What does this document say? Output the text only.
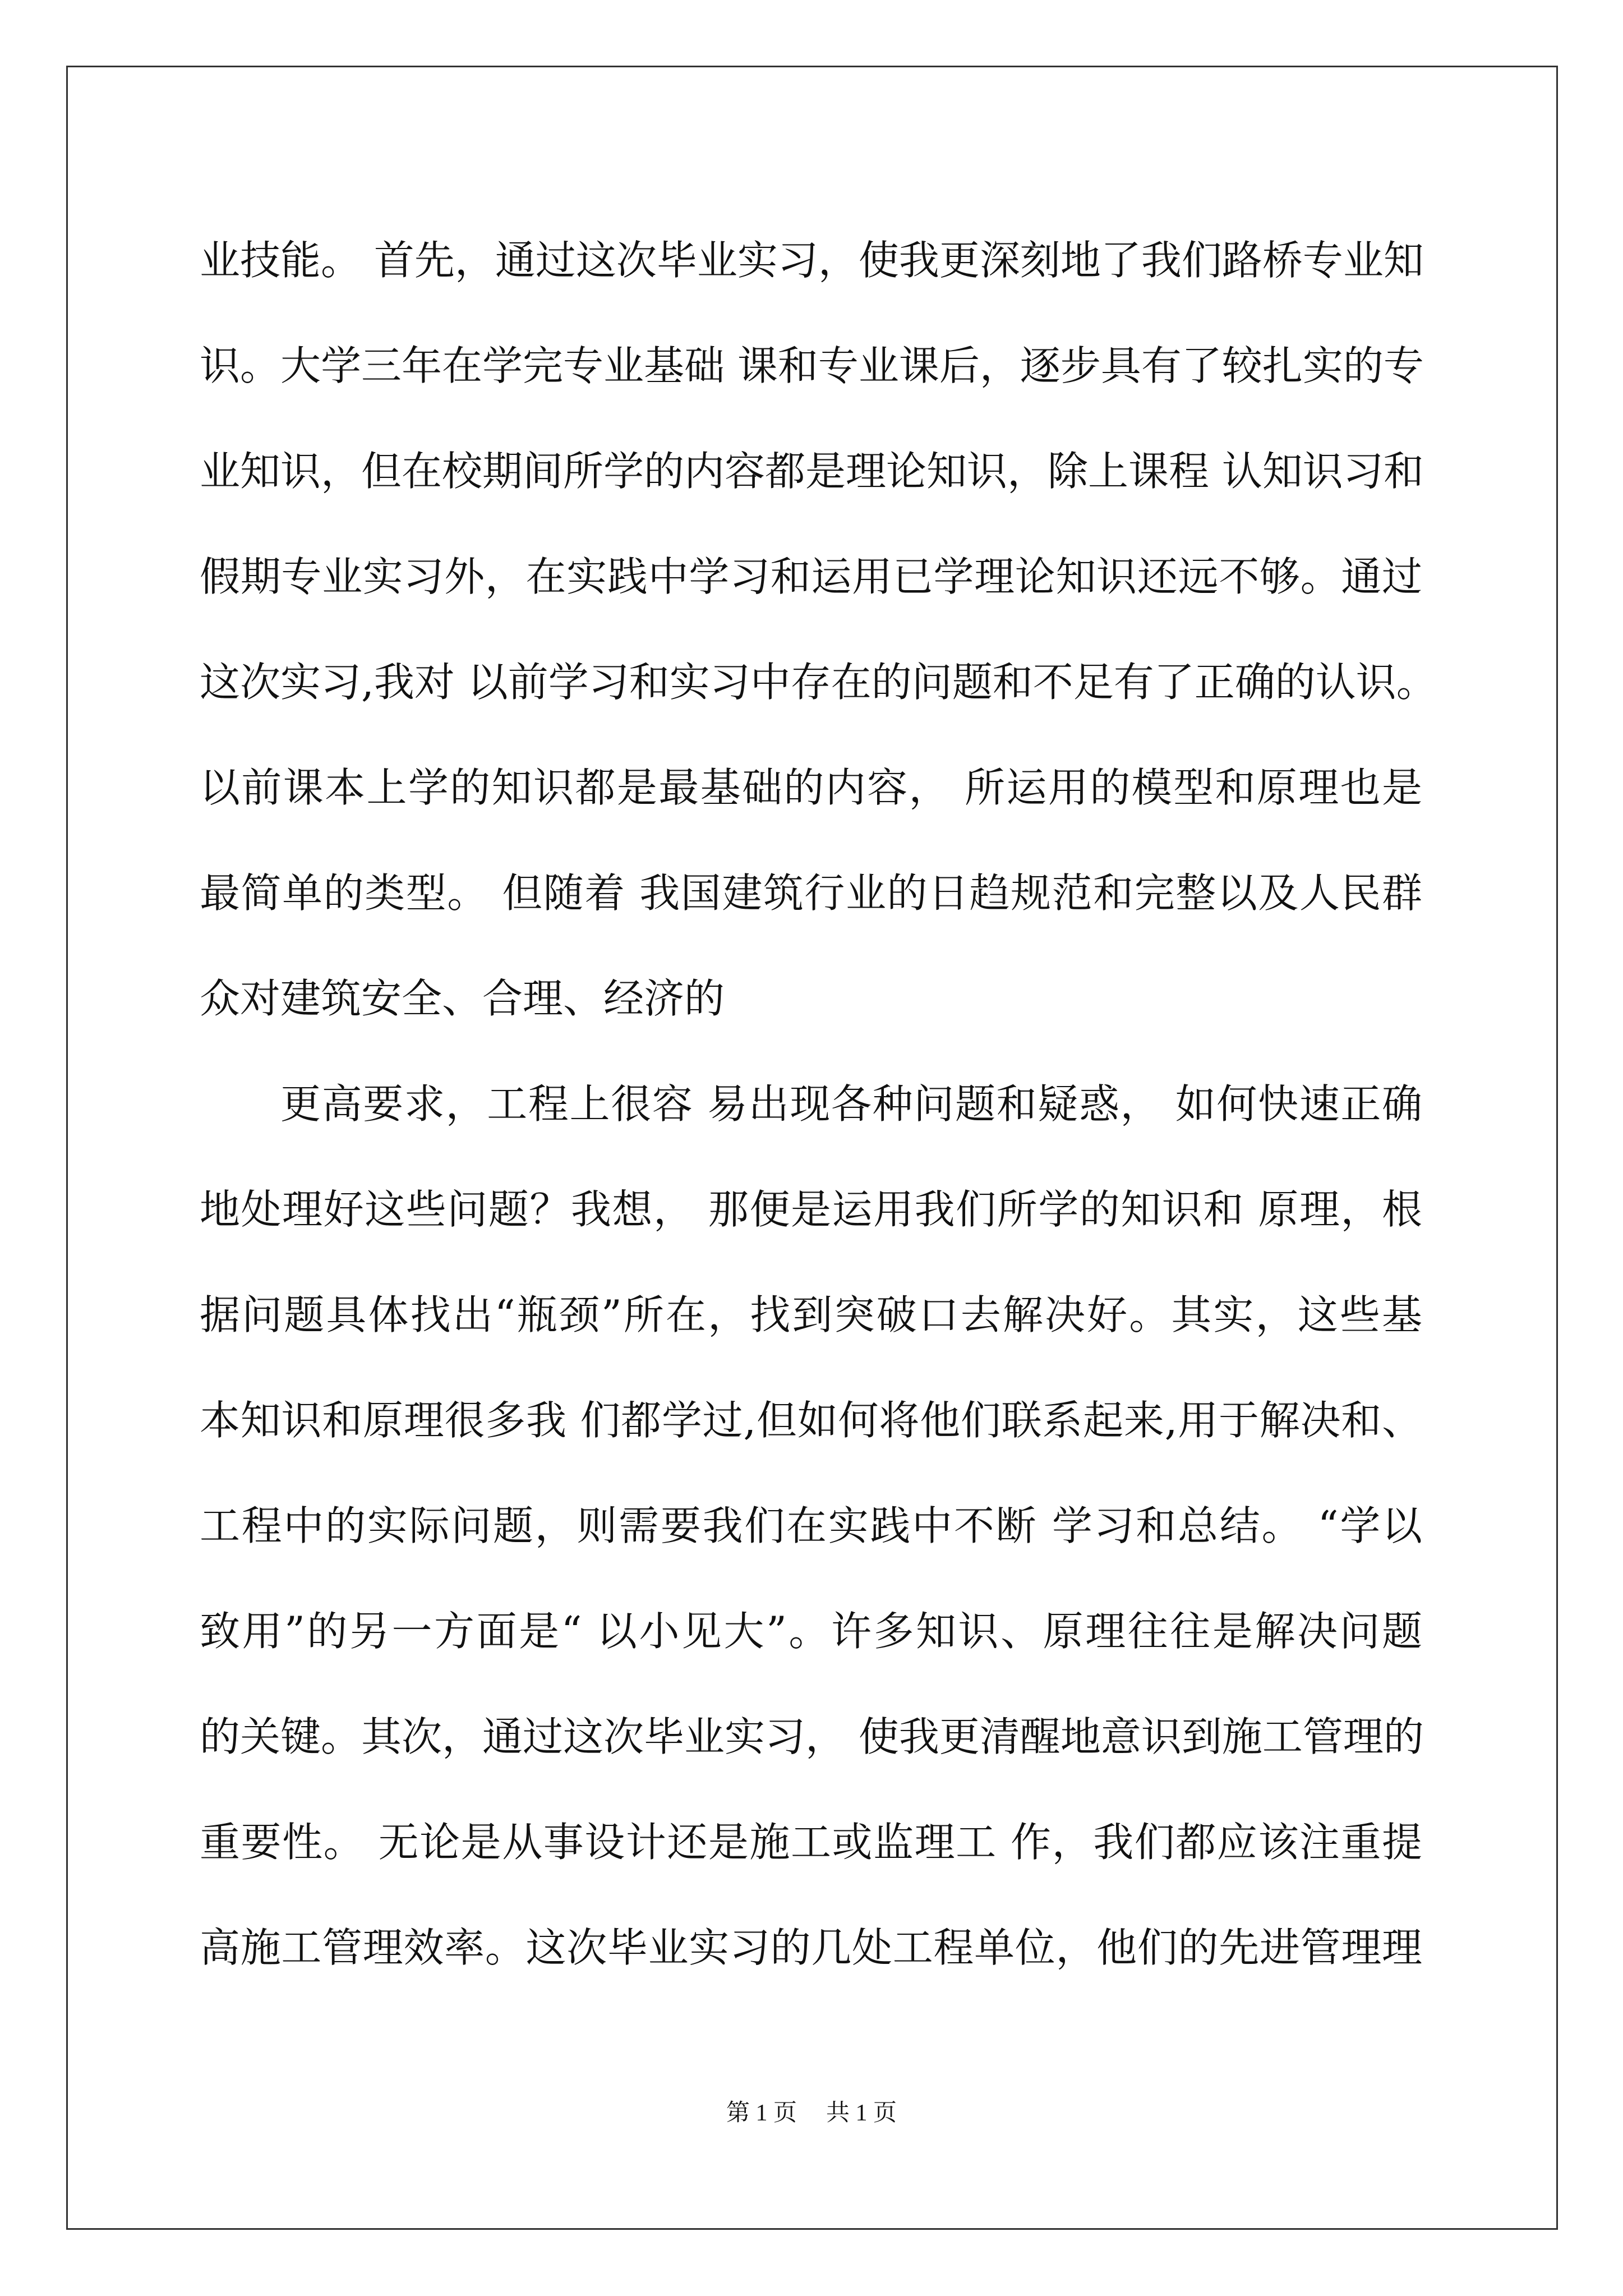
业技能。 首先，通过这次毕业实习，使我更深刻地了我们路桥专业知
识。大学三年在学完专业基础 课和专业课后，逐步具有了较扎实的专
业知识，但在校期间所学的内容都是理论知识，除上课程 认知识习和
假期专业实习外，在实践中学习和运用已学理论知识还远不够。通过
这次实习,我对 以前学习和实习中存在的问题和不足有了正确的认识。
以前课本上学的知识都是最基础的内容， 所运用的模型和原理也是
最简单的类型。 但随着 我国建筑行业的日趋规范和完整以及人民群
众对建筑安全、合理、经济的
更高要求，工程上很容 易出现各种问题和疑惑， 如何快速正确
地处理好这些问题？我想， 那便是运用我们所学的知识和 原理，根
据问题具体找出“瓶颈”所在，找到突破口去解决好。其实，这些基
本知识和原理很多我 们都学过,但如何将他们联系起来,用于解决和、
工程中的实际问题，则需要我们在实践中不断 学习和总结。 “学以
致用”的另一方面是“ 以小见大”。许多知识、原理往往是解决问题
的关键。其次，通过这次毕业实习， 使我更清醒地意识到施工管理的
重要性。 无论是从事设计还是施工或监理工 作，我们都应该注重提
高施工管理效率。这次毕业实习的几处工程单位，他们的先进管理理
第 1 页 共 1 页
